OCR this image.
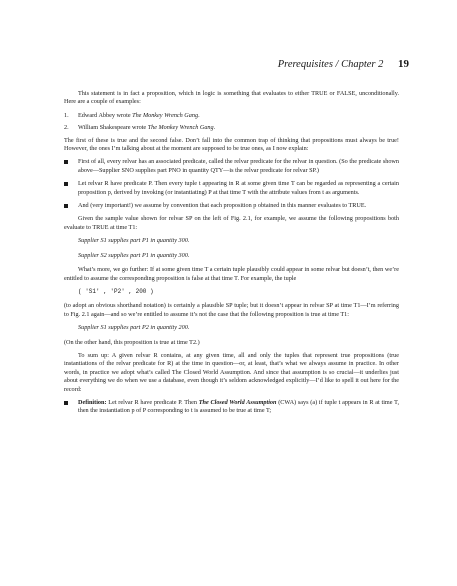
Prerequisites / Chapter 2 19

This statement is in fact a proposition, which in logic is something that evaluates to either TRUE or FALSE, unconditionally. Here are a couple of examples:

1. Edward Abbey wrote The Monkey Wrench Gang.
2. William Shakespeare wrote The Monkey Wrench Gang.

The first of these is true and the second false. Don’t fall into the common trap of thinking that propositions must always be true! However, the ones I’m talking about at the moment are supposed to be true ones, as I now explain:

First of all, every relvar has an associated predicate, called the relvar predicate for the relvar in question. (So the predicate shown above—Supplier SNO supplies part PNO in quantity QTY—is the relvar predicate for relvar SP.)
Let relvar R have predicate P. Then every tuple t appearing in R at some given time T can be regarded as representing a certain proposition p, derived by invoking (or instantiating) P at that time T with the attribute values from t as arguments.
And (very important!) we assume by convention that each proposition p obtained in this manner evaluates to TRUE.

Given the sample value shown for relvar SP on the left of Fig. 2.1, for example, we assume the following propositions both evaluate to TRUE at time T1:

Supplier S1 supplies part P1 in quantity 300.
Supplier S2 supplies part P1 in quantity 300.

What’s more, we go further: If at some given time T a certain tuple plausibly could appear in some relvar but doesn’t, then we’re entitled to assume the corresponding proposition is false at that time T. For example, the tuple

( 'S1' , 'P2' , 200 )

(to adopt an obvious shorthand notation) is certainly a plausible SP tuple; but it doesn’t appear in relvar SP at time T1—I’m referring to Fig. 2.1 again—and so we’re entitled to assume it’s not the case that the following proposition is true at time T1:

Supplier S1 supplies part P2 in quantity 200.

(On the other hand, this proposition is true at time T2.)

To sum up: A given relvar R contains, at any given time, all and only the tuples that represent true propositions (true instantiations of the relvar predicate for R) at the time in question—or, at least, that’s what we always assume in practice. In other words, in practice we adopt what’s called The Closed World Assumption. And since that assumption is so crucial—it underlies just about everything we do when we use a database, even though it’s seldom acknowledged explicitly—I’d like to spell it out here for the record:

Definition: Let relvar R have predicate P. Then The Closed World Assumption (CWA) says (a) if tuple t appears in R at time T, then the instantiation p of P corresponding to t is assumed to be true at time T;
